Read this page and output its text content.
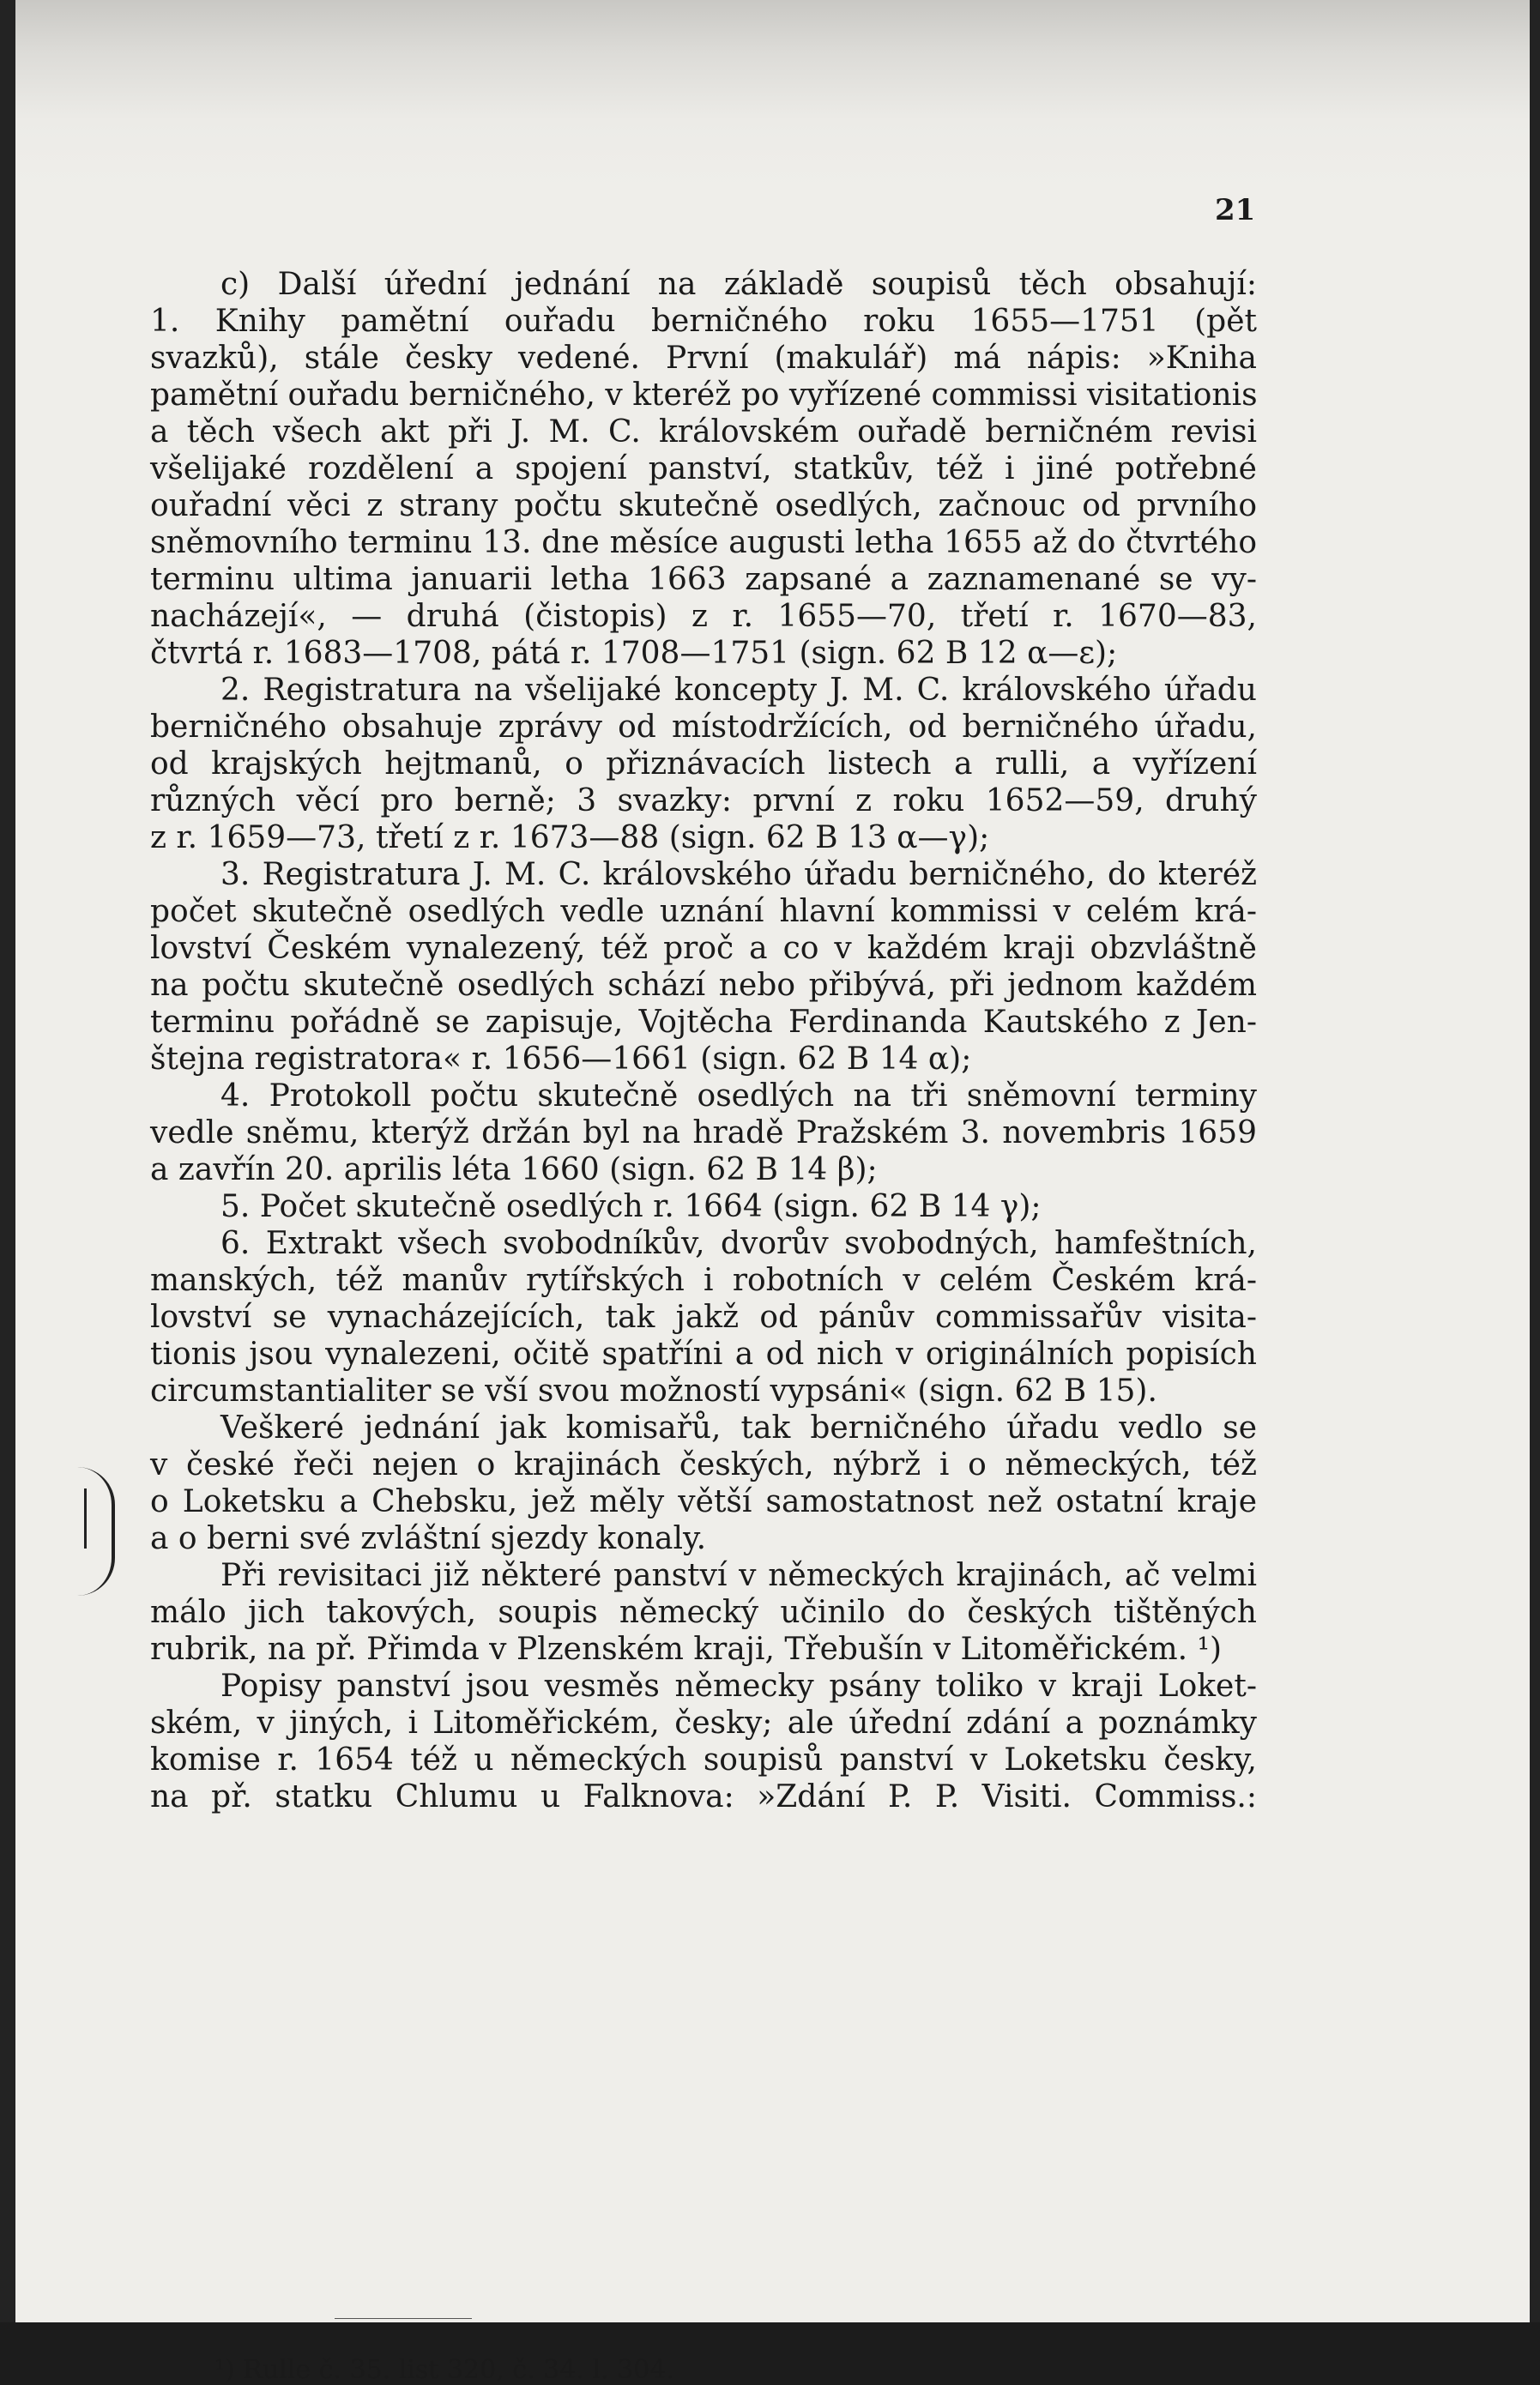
21
c) Další úřední jednání na základě soupisů těch obsahují:
1. Knihy pamětní ouřadu berničného roku 1655—1751 (pět
svazků), stále česky vedené. První (makulář) má nápis: »Kniha
pamětní ouřadu berničného, v kteréž po vyřízené commissi visitationis
a těch všech akt při J. M. C. královském ouřadě berničném revisi
všelijaké rozdělení a spojení panství, statkův, též i jiné potřebné
ouřadní věci z strany počtu skutečně osedlých, začnouc od prvního
sněmovního terminu 13. dne měsíce augusti letha 1655 až do čtvrtého
terminu ultima januarii letha 1663 zapsané a zaznamenané se vy-
nacházejí«, — druhá (čistopis) z r. 1655—70, třetí r. 1670—83,
čtvrtá r. 1683—1708, pátá r. 1708—1751 (sign. 62 B 12 α—ε);
2. Registratura na všelijaké koncepty J. M. C. královského úřadu
berničného obsahuje zprávy od místodržících, od berničného úřadu,
od krajských hejtmanů, o přiznávacích listech a rulli, a vyřízení
různých věcí pro berně; 3 svazky: první z roku 1652—59, druhý
z r. 1659—73, třetí z r. 1673—88 (sign. 62 B 13 α—γ);
3. Registratura J. M. C. královského úřadu berničného, do kteréž
počet skutečně osedlých vedle uznání hlavní kommissi v celém krá-
lovství Českém vynalezený, též proč a co v každém kraji obzvláštně
na počtu skutečně osedlých schází nebo přibývá, při jednom každém
terminu pořádně se zapisuje, Vojtěcha Ferdinanda Kautského z Jen-
štejna registratora« r. 1656—1661 (sign. 62 B 14 α);
4. Protokoll počtu skutečně osedlých na tři sněmovní terminy
vedle sněmu, kterýž držán byl na hradě Pražském 3. novembris 1659
a zavřín 20. aprilis léta 1660 (sign. 62 B 14 β);
5. Počet skutečně osedlých r. 1664 (sign. 62 B 14 γ);
6. Extrakt všech svobodníkův, dvorův svobodných, hamfeštních,
manských, též manův rytířských i robotních v celém Českém krá-
lovství se vynacházejících, tak jakž od pánův commissařův visita-
tionis jsou vynalezeni, očitě spatříni a od nich v originálních popisích
circumstantialiter se vší svou možností vypsáni« (sign. 62 B 15).
Veškeré jednání jak komisařů, tak berničného úřadu vedlo se
v české řeči nejen o krajinách českých, nýbrž i o německých, též
o Loketsku a Chebsku, jež měly větší samostatnost než ostatní kraje
a o berni své zvláštní sjezdy konaly.
Při revisitaci již některé panství v německých krajinách, ač velmi
málo jich takových, soupis německý učinilo do českých tištěných
rubrik, na př. Přimda v Plzenském kraji, Třebušín v Litoměřickém. ¹)
Popisy panství jsou vesměs německy psány toliko v kraji Loket-
ském, v jiných, i Litoměřickém, česky; ale úřední zdání a poznámky
komise r. 1654 též u německých soupisů panství v Loketsku česky,
na př. statku Chlumu u Falknova: »Zdání P. P. Visiti. Commiss.:
¹) Rulle č. 35. list 320, č. 34. l. 304.
